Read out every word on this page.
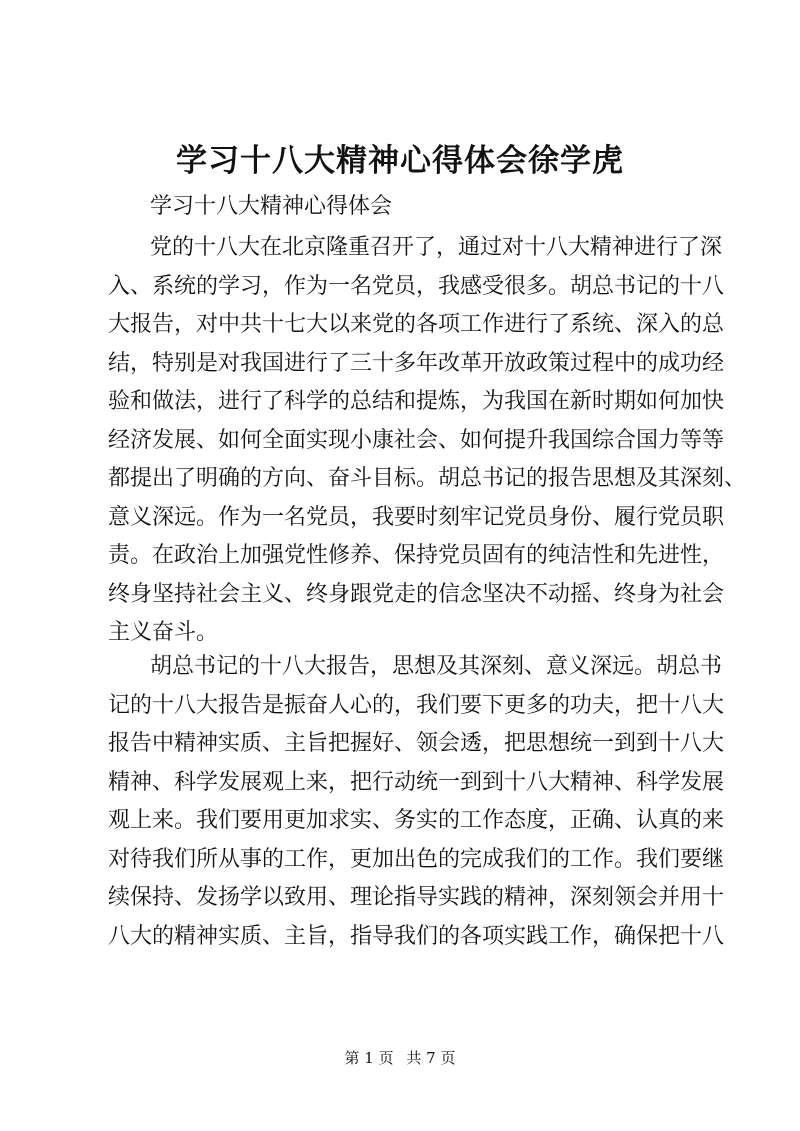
学习十八大精神心得体会徐学虎

学习十八大精神心得体会

党的十八大在北京隆重召开了，通过对十八大精神进行了深
入、系统的学习，作为一名党员，我感受很多。胡总书记的十八
大报告，对中共十七大以来党的各项工作进行了系统、深入的总
结，特别是对我国进行了三十多年改革开放政策过程中的成功经
验和做法，进行了科学的总结和提炼，为我国在新时期如何加快
经济发展、如何全面实现小康社会、如何提升我国综合国力等等
都提出了明确的方向、奋斗目标。胡总书记的报告思想及其深刻、
意义深远。作为一名党员，我要时刻牢记党员身份、履行党员职
责。在政治上加强党性修养、保持党员固有的纯洁性和先进性，
终身坚持社会主义、终身跟党走的信念坚决不动摇、终身为社会
主义奋斗。

胡总书记的十八大报告，思想及其深刻、意义深远。胡总书
记的十八大报告是振奋人心的，我们要下更多的功夫，把十八大
报告中精神实质、主旨把握好、领会透，把思想统一到到十八大
精神、科学发展观上来，把行动统一到到十八大精神、科学发展
观上来。我们要用更加求实、务实的工作态度，正确、认真的来
对待我们所从事的工作，更加出色的完成我们的工作。我们要继
续保持、发扬学以致用、理论指导实践的精神，深刻领会并用十
八大的精神实质、主旨，指导我们的各项实践工作，确保把十八

第 1 页 共 7 页
